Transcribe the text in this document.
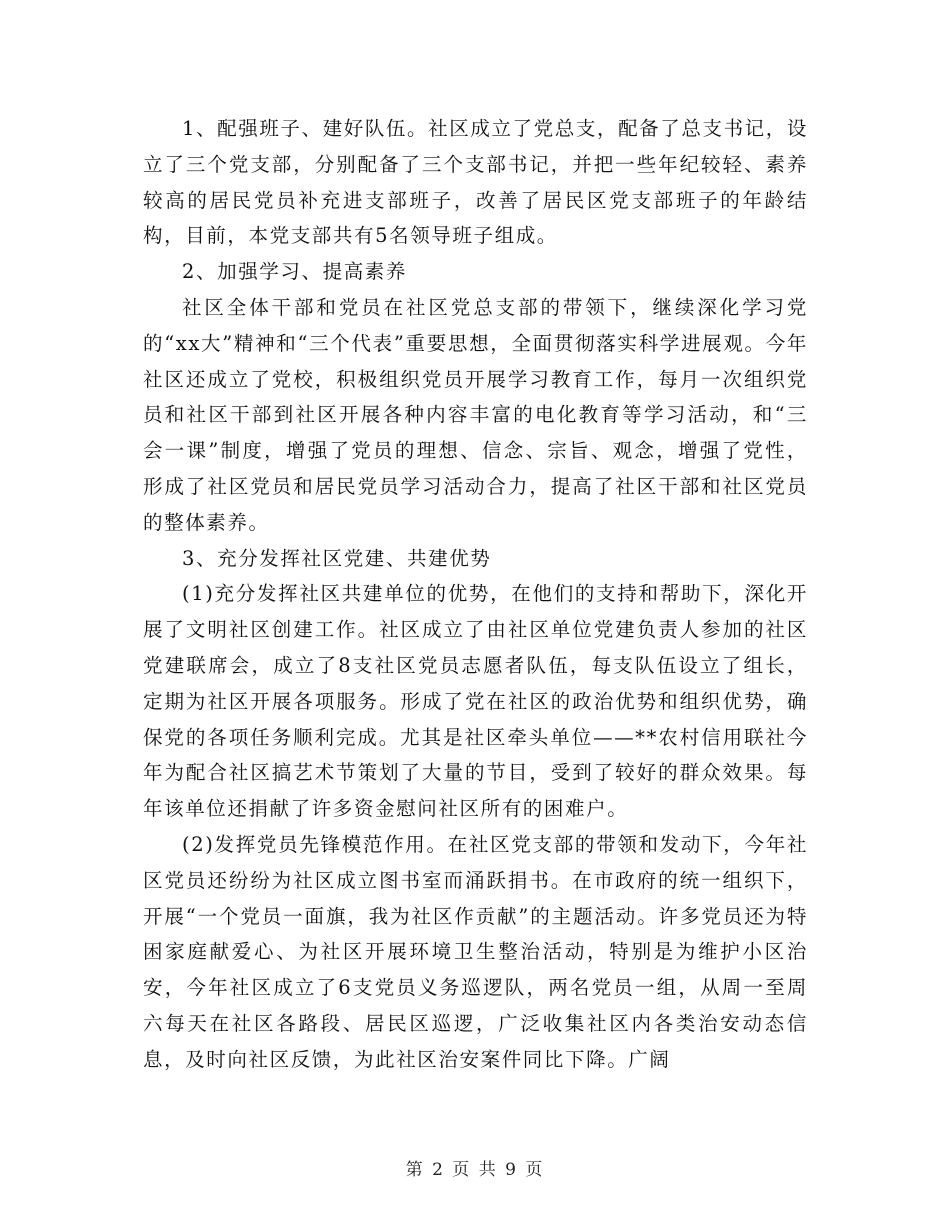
1、配强班子、建好队伍。社区成立了党总支，配备了总支书记，设立了三个党支部，分别配备了三个支部书记，并把一些年纪较轻、素养较高的居民党员补充进支部班子，改善了居民区党支部班子的年龄结构，目前，本党支部共有5名领导班子组成。

2、加强学习、提高素养

社区全体干部和党员在社区党总支部的带领下，继续深化学习党的“xx大”精神和“三个代表”重要思想，全面贯彻落实科学进展观。今年社区还成立了党校，积极组织党员开展学习教育工作，每月一次组织党员和社区干部到社区开展各种内容丰富的电化教育等学习活动，和“三会一课”制度，增强了党员的理想、信念、宗旨、观念，增强了党性，形成了社区党员和居民党员学习活动合力，提高了社区干部和社区党员的整体素养。

3、充分发挥社区党建、共建优势

(1)充分发挥社区共建单位的优势，在他们的支持和帮助下，深化开展了文明社区创建工作。社区成立了由社区单位党建负责人参加的社区党建联席会，成立了8支社区党员志愿者队伍，每支队伍设立了组长，定期为社区开展各项服务。形成了党在社区的政治优势和组织优势，确保党的各项任务顺利完成。尤其是社区牵头单位——**农村信用联社今年为配合社区搞艺术节策划了大量的节目，受到了较好的群众效果。每年该单位还捐献了许多资金慰问社区所有的困难户。

(2)发挥党员先锋模范作用。在社区党支部的带领和发动下，今年社区党员还纷纷为社区成立图书室而涌跃捐书。在市政府的统一组织下，开展“一个党员一面旗，我为社区作贡献”的主题活动。许多党员还为特困家庭献爱心、为社区开展环境卫生整治活动，特别是为维护小区治安，今年社区成立了6支党员义务巡逻队，两名党员一组，从周一至周六每天在社区各路段、居民区巡逻，广泛收集社区内各类治安动态信息，及时向社区反馈，为此社区治安案件同比下降。广阔

第 2 页 共 9 页
